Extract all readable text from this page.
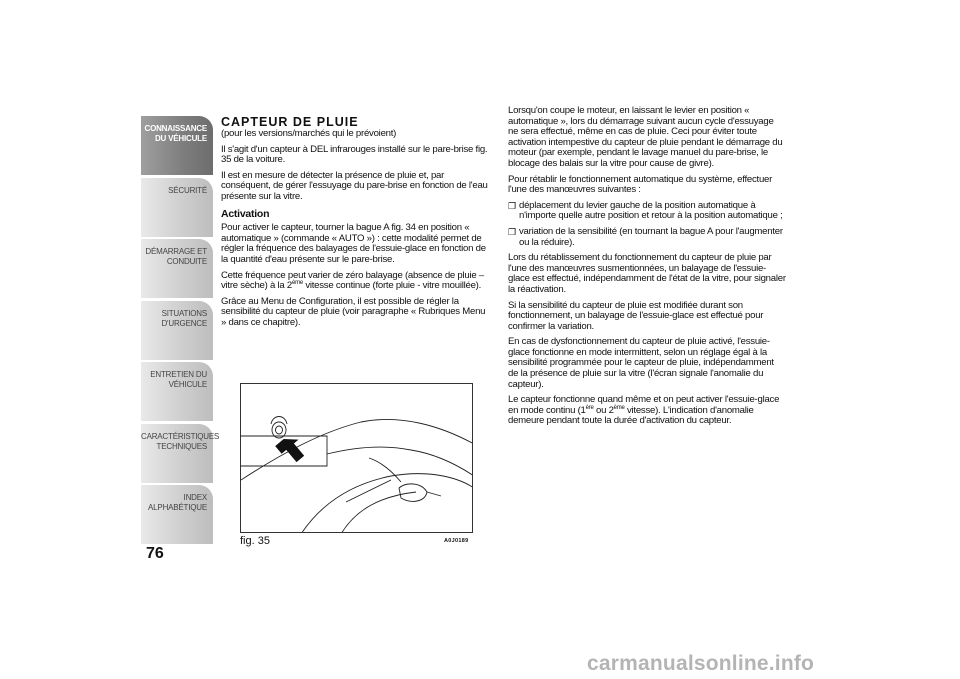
CONNAISSANCE
DU VÉHICULE
SÉCURITÉ
DÉMARRAGE ET
CONDUITE
SITUATIONS
D'URGENCE
ENTRETIEN DU
VÉHICULE
CARACTÉRISTIQUES
TECHNIQUES
INDEX
ALPHABÉTIQUE
76
CAPTEUR DE PLUIE

(pour les versions/marchés qui le prévoient)

Il s'agit d'un capteur à DEL infrarouges installé sur le pare-brise fig. 35 de la voiture.

Il est en mesure de détecter la présence de pluie et, par conséquent, de gérer l'essuyage du pare-brise en fonction de l'eau présente sur la vitre.

Activation

Pour activer le capteur, tourner la bague A fig. 34 en position « automatique » (commande « AUTO ») : cette modalité permet de régler la fréquence des balayages de l'essuie-glace en fonction de la quantité d'eau présente sur le pare-brise.

Cette fréquence peut varier de zéro balayage (absence de pluie – vitre sèche) à la 2ème vitesse continue (forte pluie - vitre mouillée).

Grâce au Menu de Configuration, il est possible de régler la sensibilité du capteur de pluie (voir paragraphe « Rubriques Menu » dans ce chapitre).

fig. 35	A0J0189

Lorsqu'on coupe le moteur, en laissant le levier en position « automatique », lors du démarrage suivant aucun cycle d'essuyage ne sera effectué, même en cas de pluie. Ceci pour éviter toute activation intempestive du capteur de pluie pendant le démarrage du moteur (par exemple, pendant le lavage manuel du pare-brise, le blocage des balais sur la vitre pour cause de givre).

Pour rétablir le fonctionnement automatique du système, effectuer l'une des manœuvres suivantes :

❒ déplacement du levier gauche de la position automatique à n'importe quelle autre position et retour à la position automatique ;
❒ variation de la sensibilité (en tournant la bague A pour l'augmenter ou la réduire).

Lors du rétablissement du fonctionnement du capteur de pluie par l'une des manœuvres susmentionnées, un balayage de l'essuie-glace est effectué, indépendamment de l'état de la vitre, pour signaler la réactivation.

Si la sensibilité du capteur de pluie est modifiée durant son fonctionnement, un balayage de l'essuie-glace est effectué pour confirmer la variation.

En cas de dysfonctionnement du capteur de pluie activé, l'essuie-glace fonctionne en mode intermittent, selon un réglage égal à la sensibilité programmée pour le capteur de pluie, indépendamment de la présence de pluie sur la vitre (l'écran signale l'anomalie du capteur).

Le capteur fonctionne quand même et on peut activer l'essuie-glace en mode continu (1ère ou 2ème vitesse). L'indication d'anomalie demeure pendant toute la durée d'activation du capteur.

carmanualsonline.info
